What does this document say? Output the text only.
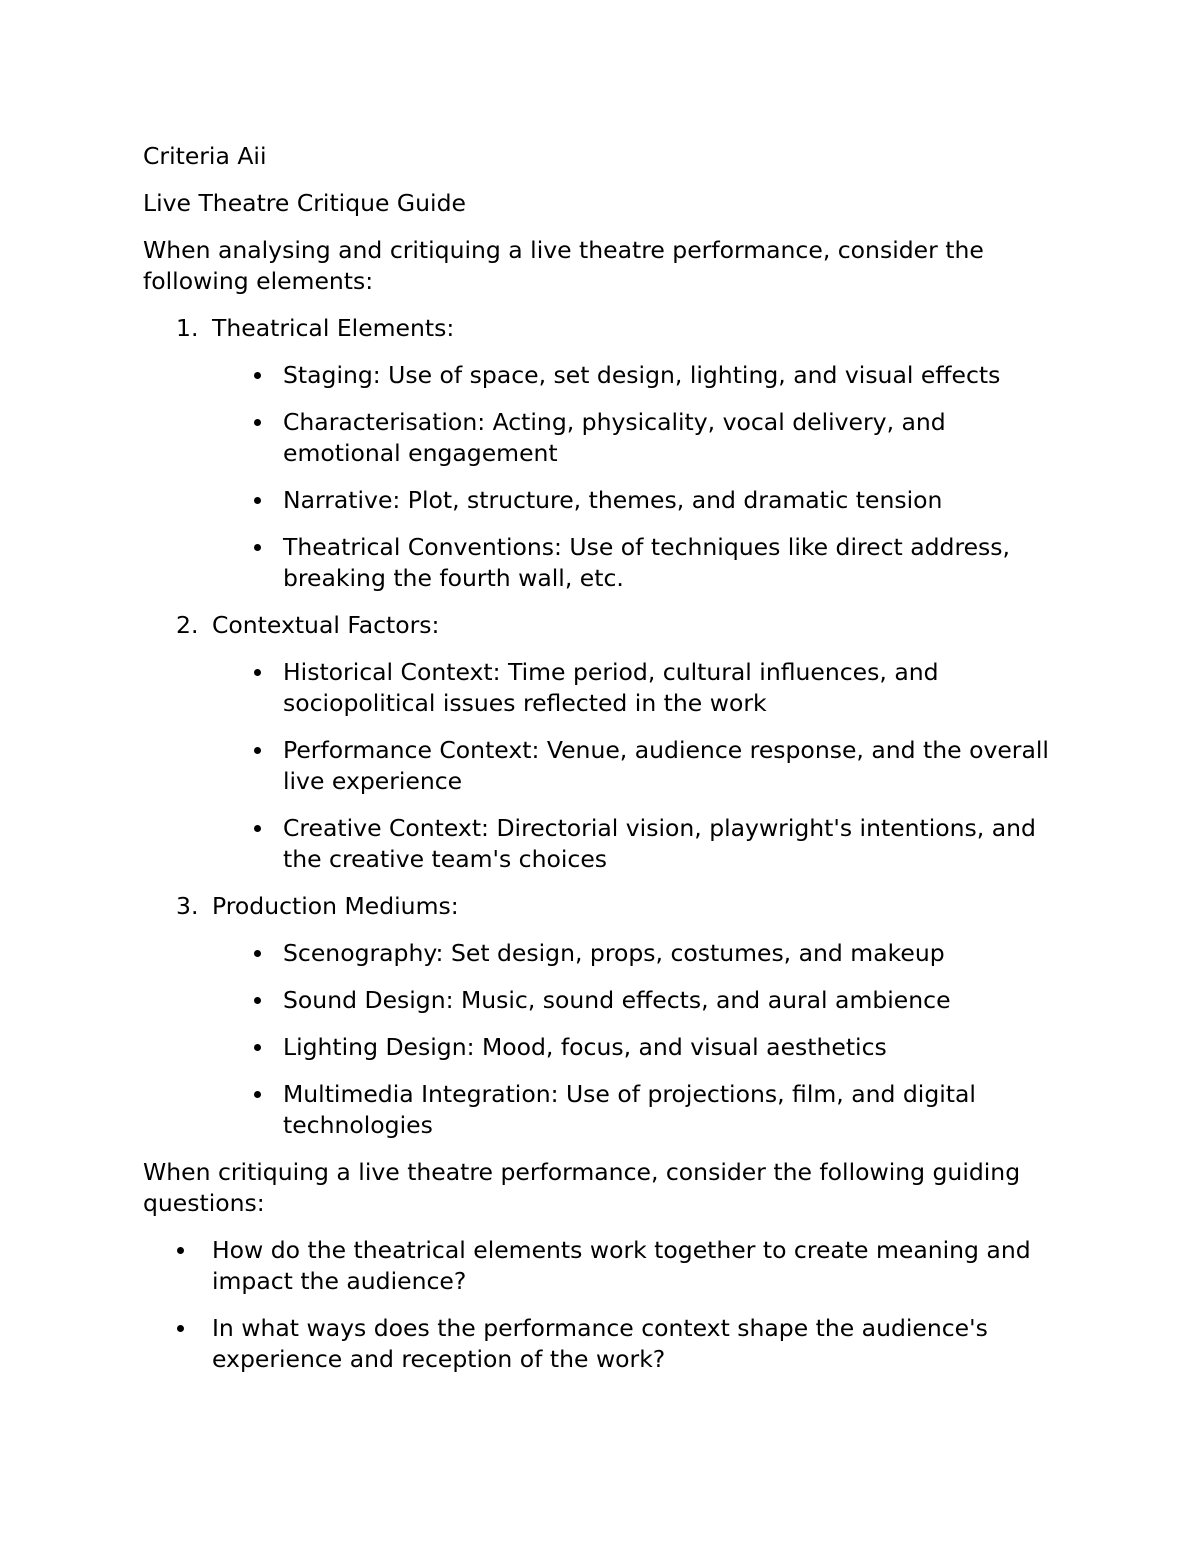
Criteria Aii

Live Theatre Critique Guide

When analysing and critiquing a live theatre performance, consider the following elements:

1. Theatrical Elements:
Staging: Use of space, set design, lighting, and visual effects
Characterisation: Acting, physicality, vocal delivery, and emotional engagement
Narrative: Plot, structure, themes, and dramatic tension
Theatrical Conventions: Use of techniques like direct address, breaking the fourth wall, etc.
2. Contextual Factors:
Historical Context: Time period, cultural influences, and sociopolitical issues reflected in the work
Performance Context: Venue, audience response, and the overall live experience
Creative Context: Directorial vision, playwright's intentions, and the creative team's choices
3. Production Mediums:
Scenography: Set design, props, costumes, and makeup
Sound Design: Music, sound effects, and aural ambience
Lighting Design: Mood, focus, and visual aesthetics
Multimedia Integration: Use of projections, film, and digital technologies

When critiquing a live theatre performance, consider the following guiding questions:

How do the theatrical elements work together to create meaning and impact the audience?
In what ways does the performance context shape the audience's experience and reception of the work?
